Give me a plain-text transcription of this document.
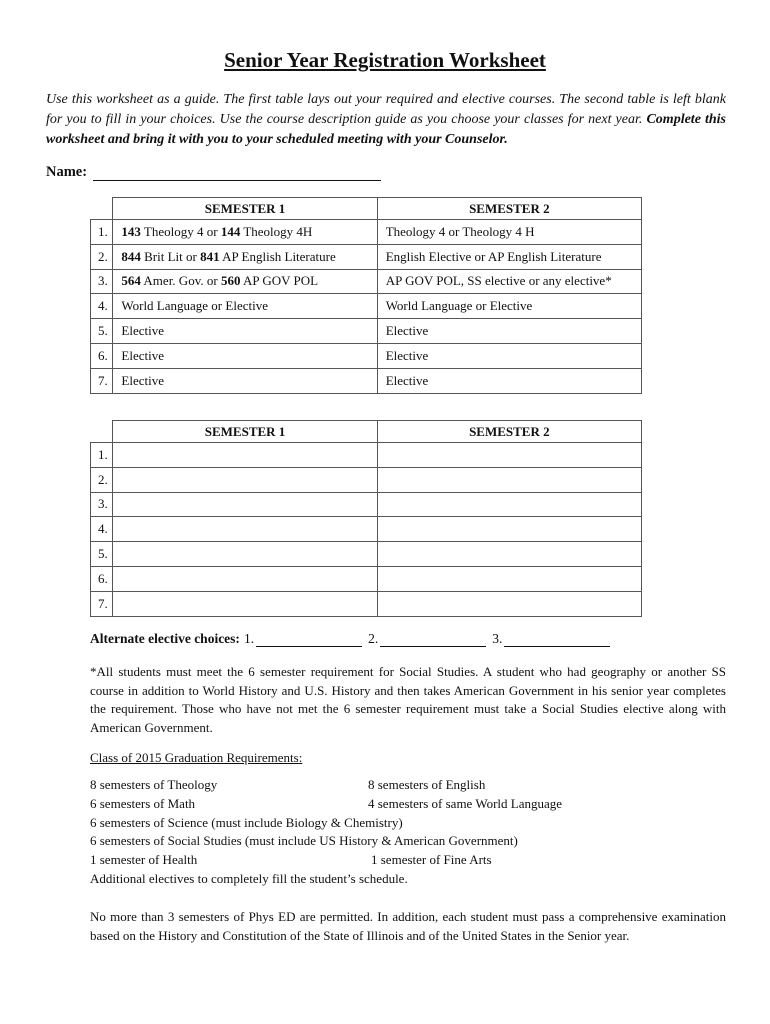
Senior Year Registration Worksheet
Use this worksheet as a guide. The first table lays out your required and elective courses. The second table is left blank for you to fill in your choices. Use the course description guide as you choose your classes for next year. Complete this worksheet and bring it with you to your scheduled meeting with your Counselor.
Name:
	SEMESTER 1	SEMESTER 2
1.	143 Theology 4 or 144 Theology 4H	Theology 4 or Theology 4 H
2.	844 Brit Lit or 841 AP English Literature	English Elective or AP English Literature
3.	564 Amer. Gov. or 560 AP GOV POL	AP GOV POL, SS elective or any elective*
4.	World Language or Elective	World Language or Elective
5.	Elective	Elective
6.	Elective	Elective
7.	Elective	Elective
	SEMESTER 1	SEMESTER 2
1.		
2.		
3.		
4.		
5.		
6.		
7.		
Alternate elective choices: 1.	2.	3.
*All students must meet the 6 semester requirement for Social Studies. A student who had geography or another SS course in addition to World History and U.S. History and then takes American Government in his senior year completes the requirement. Those who have not met the 6 semester requirement must take a Social Studies elective along with American Government.
Class of 2015 Graduation Requirements:
8 semesters of Theology	8 semesters of English
6 semesters of Math	4 semesters of same World Language
6 semesters of Science (must include Biology & Chemistry)
6 semesters of Social Studies (must include US History & American Government)
1 semester of Health	1 semester of Fine Arts
Additional electives to completely fill the student’s schedule.
No more than 3 semesters of Phys ED are permitted. In addition, each student must pass a comprehensive examination based on the History and Constitution of the State of Illinois and of the United States in the Senior year.
